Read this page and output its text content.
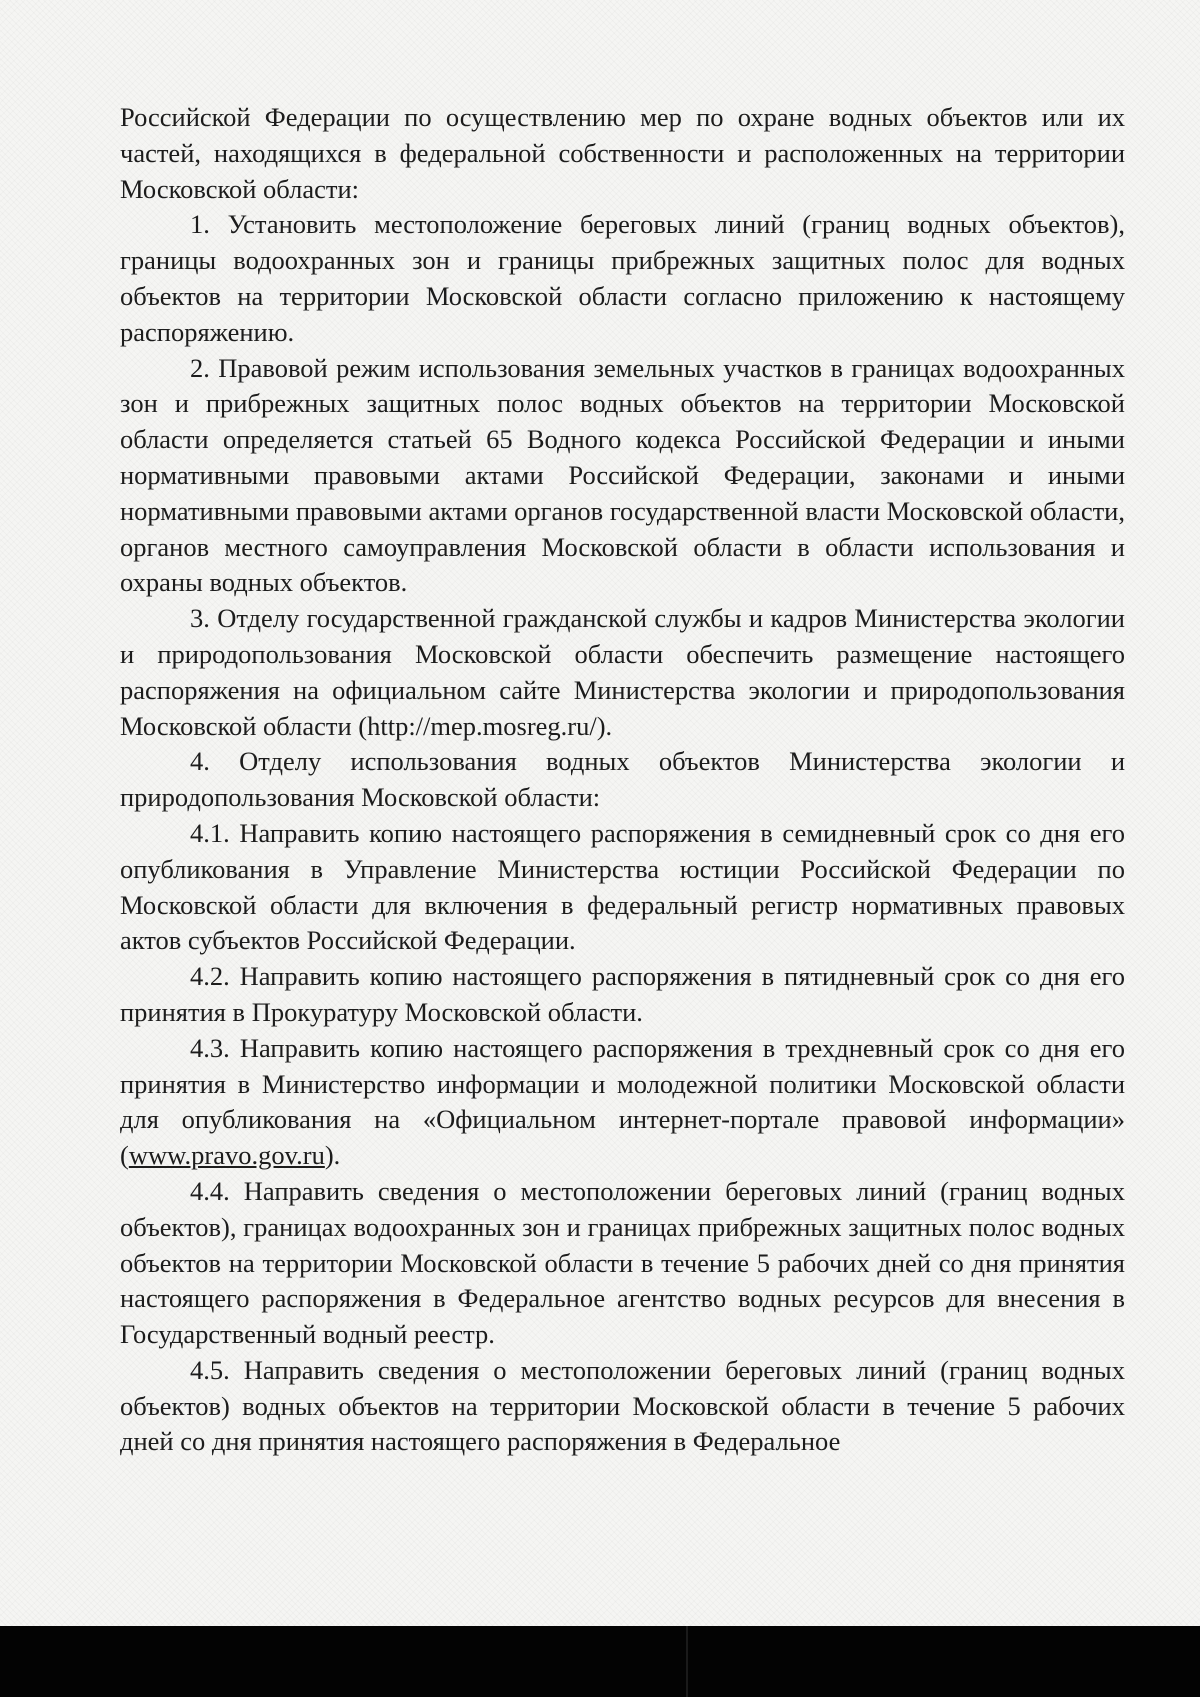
Российской Федерации по осуществлению мер по охране водных объектов или их частей, находящихся в федеральной собственности и расположенных на территории Московской области:

1. Установить местоположение береговых линий (границ водных объектов), границы водоохранных зон и границы прибрежных защитных полос для водных объектов на территории Московской области согласно приложению к настоящему распоряжению.

2. Правовой режим использования земельных участков в границах водоохранных зон и прибрежных защитных полос водных объектов на территории Московской области определяется статьей 65 Водного кодекса Российской Федерации и иными нормативными правовыми актами Российской Федерации, законами и иными нормативными правовыми актами органов государственной власти Московской области, органов местного самоуправления Московской области в области использования и охраны водных объектов.

3. Отделу государственной гражданской службы и кадров Министерства экологии и природопользования Московской области обеспечить размещение настоящего распоряжения на официальном сайте Министерства экологии и природопользования Московской области (http://mep.mosreg.ru/).

4. Отделу использования водных объектов Министерства экологии и природопользования Московской области:

4.1. Направить копию настоящего распоряжения в семидневный срок со дня его опубликования в Управление Министерства юстиции Российской Федерации по Московской области для включения в федеральный регистр нормативных правовых актов субъектов Российской Федерации.

4.2. Направить копию настоящего распоряжения в пятидневный срок со дня его принятия в Прокуратуру Московской области.

4.3. Направить копию настоящего распоряжения в трехдневный срок со дня его принятия в Министерство информации и молодежной политики Московской области для опубликования на «Официальном интернет-портале правовой информации» (www.pravo.gov.ru).

4.4. Направить сведения о местоположении береговых линий (границ водных объектов), границах водоохранных зон и границах прибрежных защитных полос водных объектов на территории Московской области в течение 5 рабочих дней со дня принятия настоящего распоряжения в Федеральное агентство водных ресурсов для внесения в Государственный водный реестр.

4.5. Направить сведения о местоположении береговых линий (границ водных объектов) водных объектов на территории Московской области в течение 5 рабочих дней со дня принятия настоящего распоряжения в Федеральное
